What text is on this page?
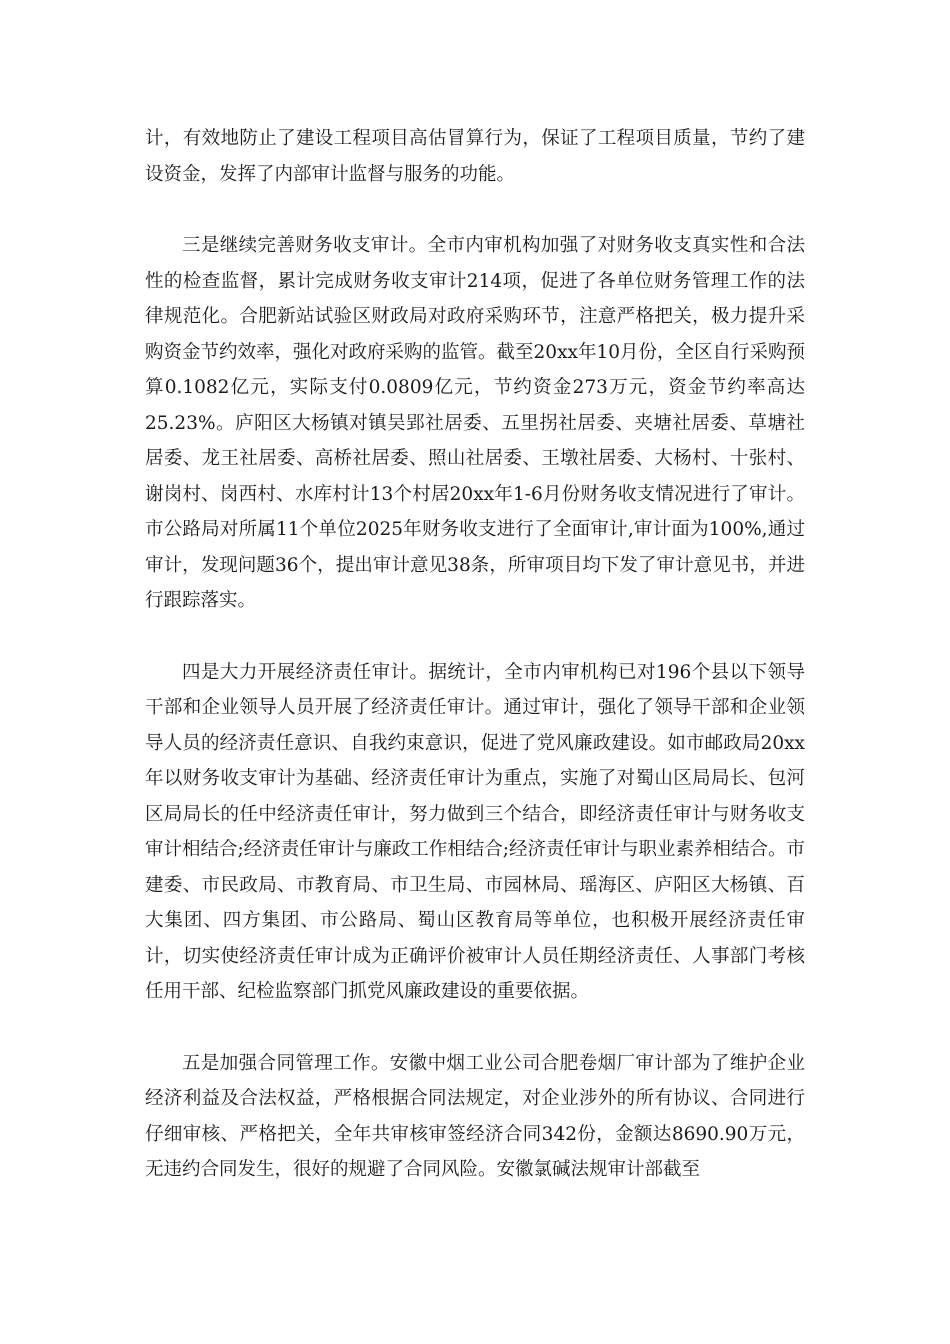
计，有效地防止了建设工程项目高估冒算行为，保证了工程项目质量，节约了建设资金，发挥了内部审计监督与服务的功能。

三是继续完善财务收支审计。全市内审机构加强了对财务收支真实性和合法性的检查监督，累计完成财务收支审计214项，促进了各单位财务管理工作的法律规范化。合肥新站试验区财政局对政府采购环节，注意严格把关，极力提升采购资金节约效率，强化对政府采购的监管。截至20xx年10月份，全区自行采购预算0.1082亿元，实际支付0.0809亿元，节约资金273万元，资金节约率高达25.23%。庐阳区大杨镇对镇吴郢社居委、五里拐社居委、夹塘社居委、草塘社居委、龙王社居委、高桥社居委、照山社居委、王墩社居委、大杨村、十张村、谢岗村、岗西村、水库村计13个村居20xx年1-6月份财务收支情况进行了审计。市公路局对所属11个单位2025年财务收支进行了全面审计,审计面为100%,通过审计，发现问题36个，提出审计意见38条，所审项目均下发了审计意见书，并进行跟踪落实。

四是大力开展经济责任审计。据统计，全市内审机构已对196个县以下领导干部和企业领导人员开展了经济责任审计。通过审计，强化了领导干部和企业领导人员的经济责任意识、自我约束意识，促进了党风廉政建设。如市邮政局20xx年以财务收支审计为基础、经济责任审计为重点，实施了对蜀山区局局长、包河区局局长的任中经济责任审计，努力做到三个结合，即经济责任审计与财务收支审计相结合;经济责任审计与廉政工作相结合;经济责任审计与职业素养相结合。市建委、市民政局、市教育局、市卫生局、市园林局、瑶海区、庐阳区大杨镇、百大集团、四方集团、市公路局、蜀山区教育局等单位，也积极开展经济责任审计，切实使经济责任审计成为正确评价被审计人员任期经济责任、人事部门考核任用干部、纪检监察部门抓党风廉政建设的重要依据。

五是加强合同管理工作。安徽中烟工业公司合肥卷烟厂审计部为了维护企业经济利益及合法权益，严格根据合同法规定，对企业涉外的所有协议、合同进行仔细审核、严格把关，全年共审核审签经济合同342份，金额达8690.90万元，无违约合同发生，很好的规避了合同风险。安徽氯碱法规审计部截至
